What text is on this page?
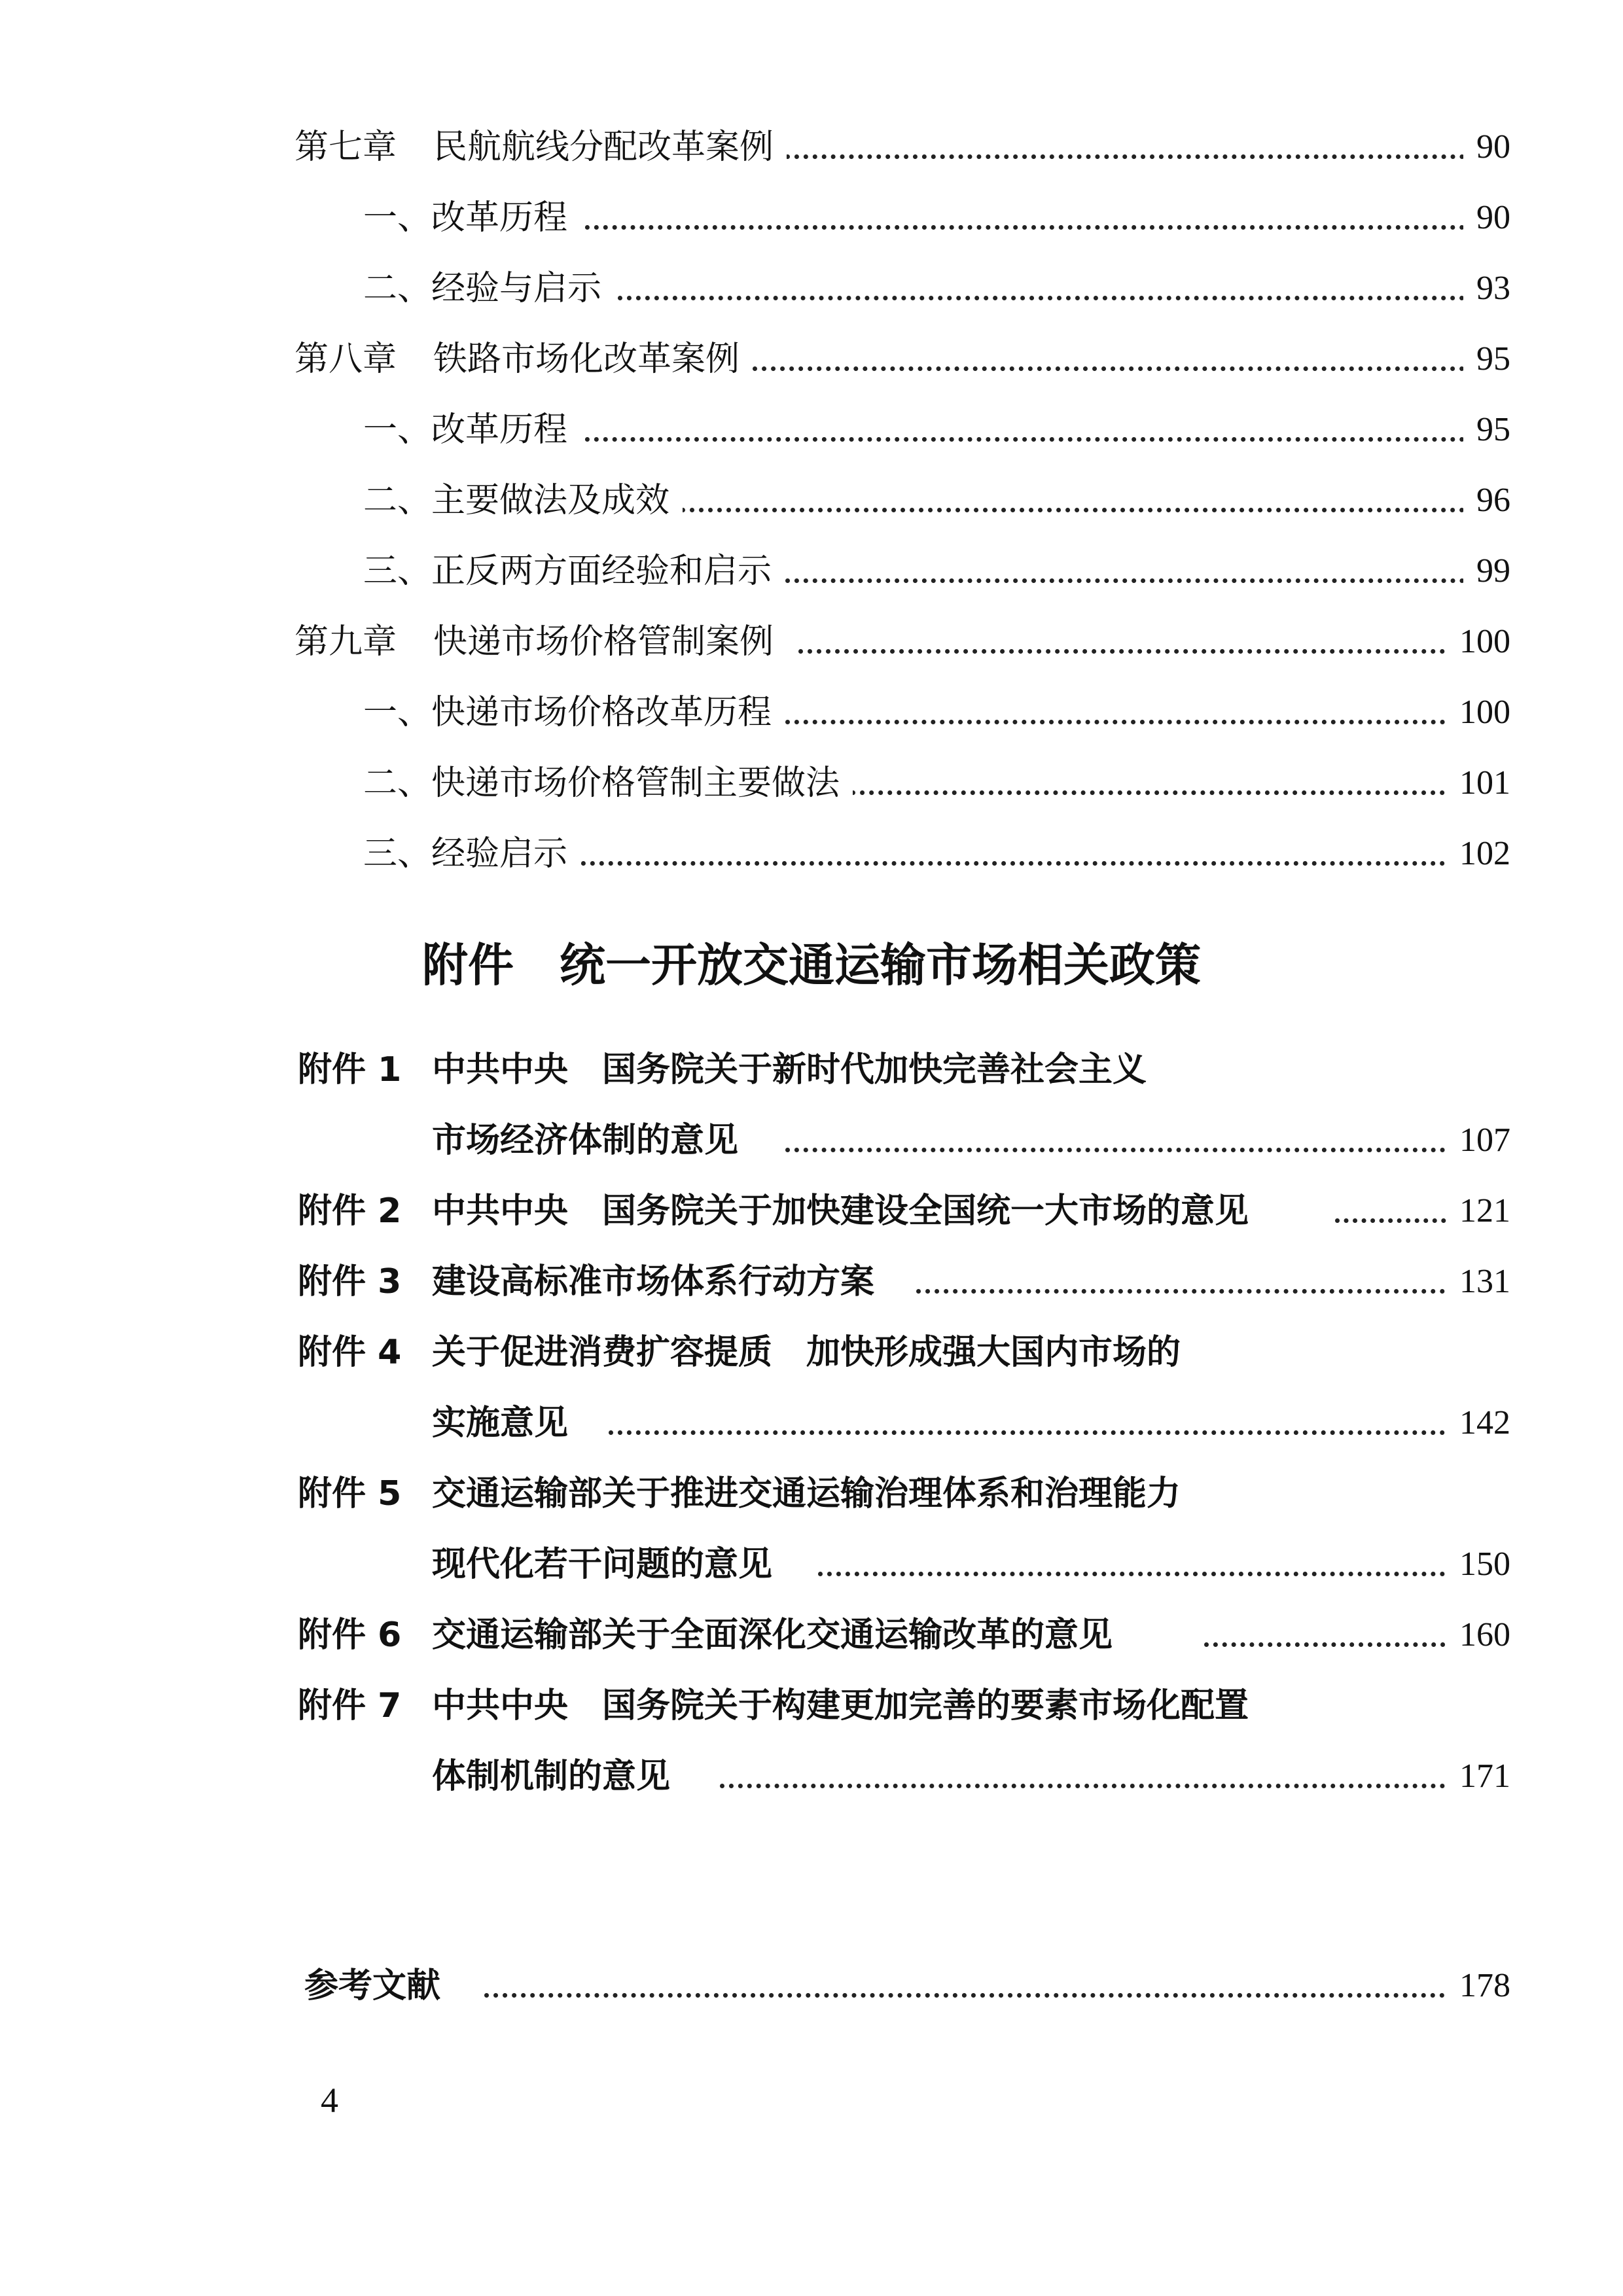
第七章 民航航线分配改革案例	90
一、改革历程	90
二、经验与启示	93
第八章 铁路市场化改革案例	95
一、改革历程	95
二、主要做法及成效	96
三、正反两方面经验和启示	99
第九章 快递市场价格管制案例	100
一、快递市场价格改革历程	100
二、快递市场价格管制主要做法	101
三、经验启示	102
附件 统一开放交通运输市场相关政策
附件 1 中共中央 国务院关于新时代加快完善社会主义
市场经济体制的意见	107
附件 2 中共中央 国务院关于加快建设全国统一大市场的意见	121
附件 3 建设高标准市场体系行动方案	131
附件 4 关于促进消费扩容提质 加快形成强大国内市场的
实施意见	142
附件 5 交通运输部关于推进交通运输治理体系和治理能力
现代化若干问题的意见	150
附件 6 交通运输部关于全面深化交通运输改革的意见	160
附件 7 中共中央 国务院关于构建更加完善的要素市场化配置
体制机制的意见	171
参考文献	178
4
